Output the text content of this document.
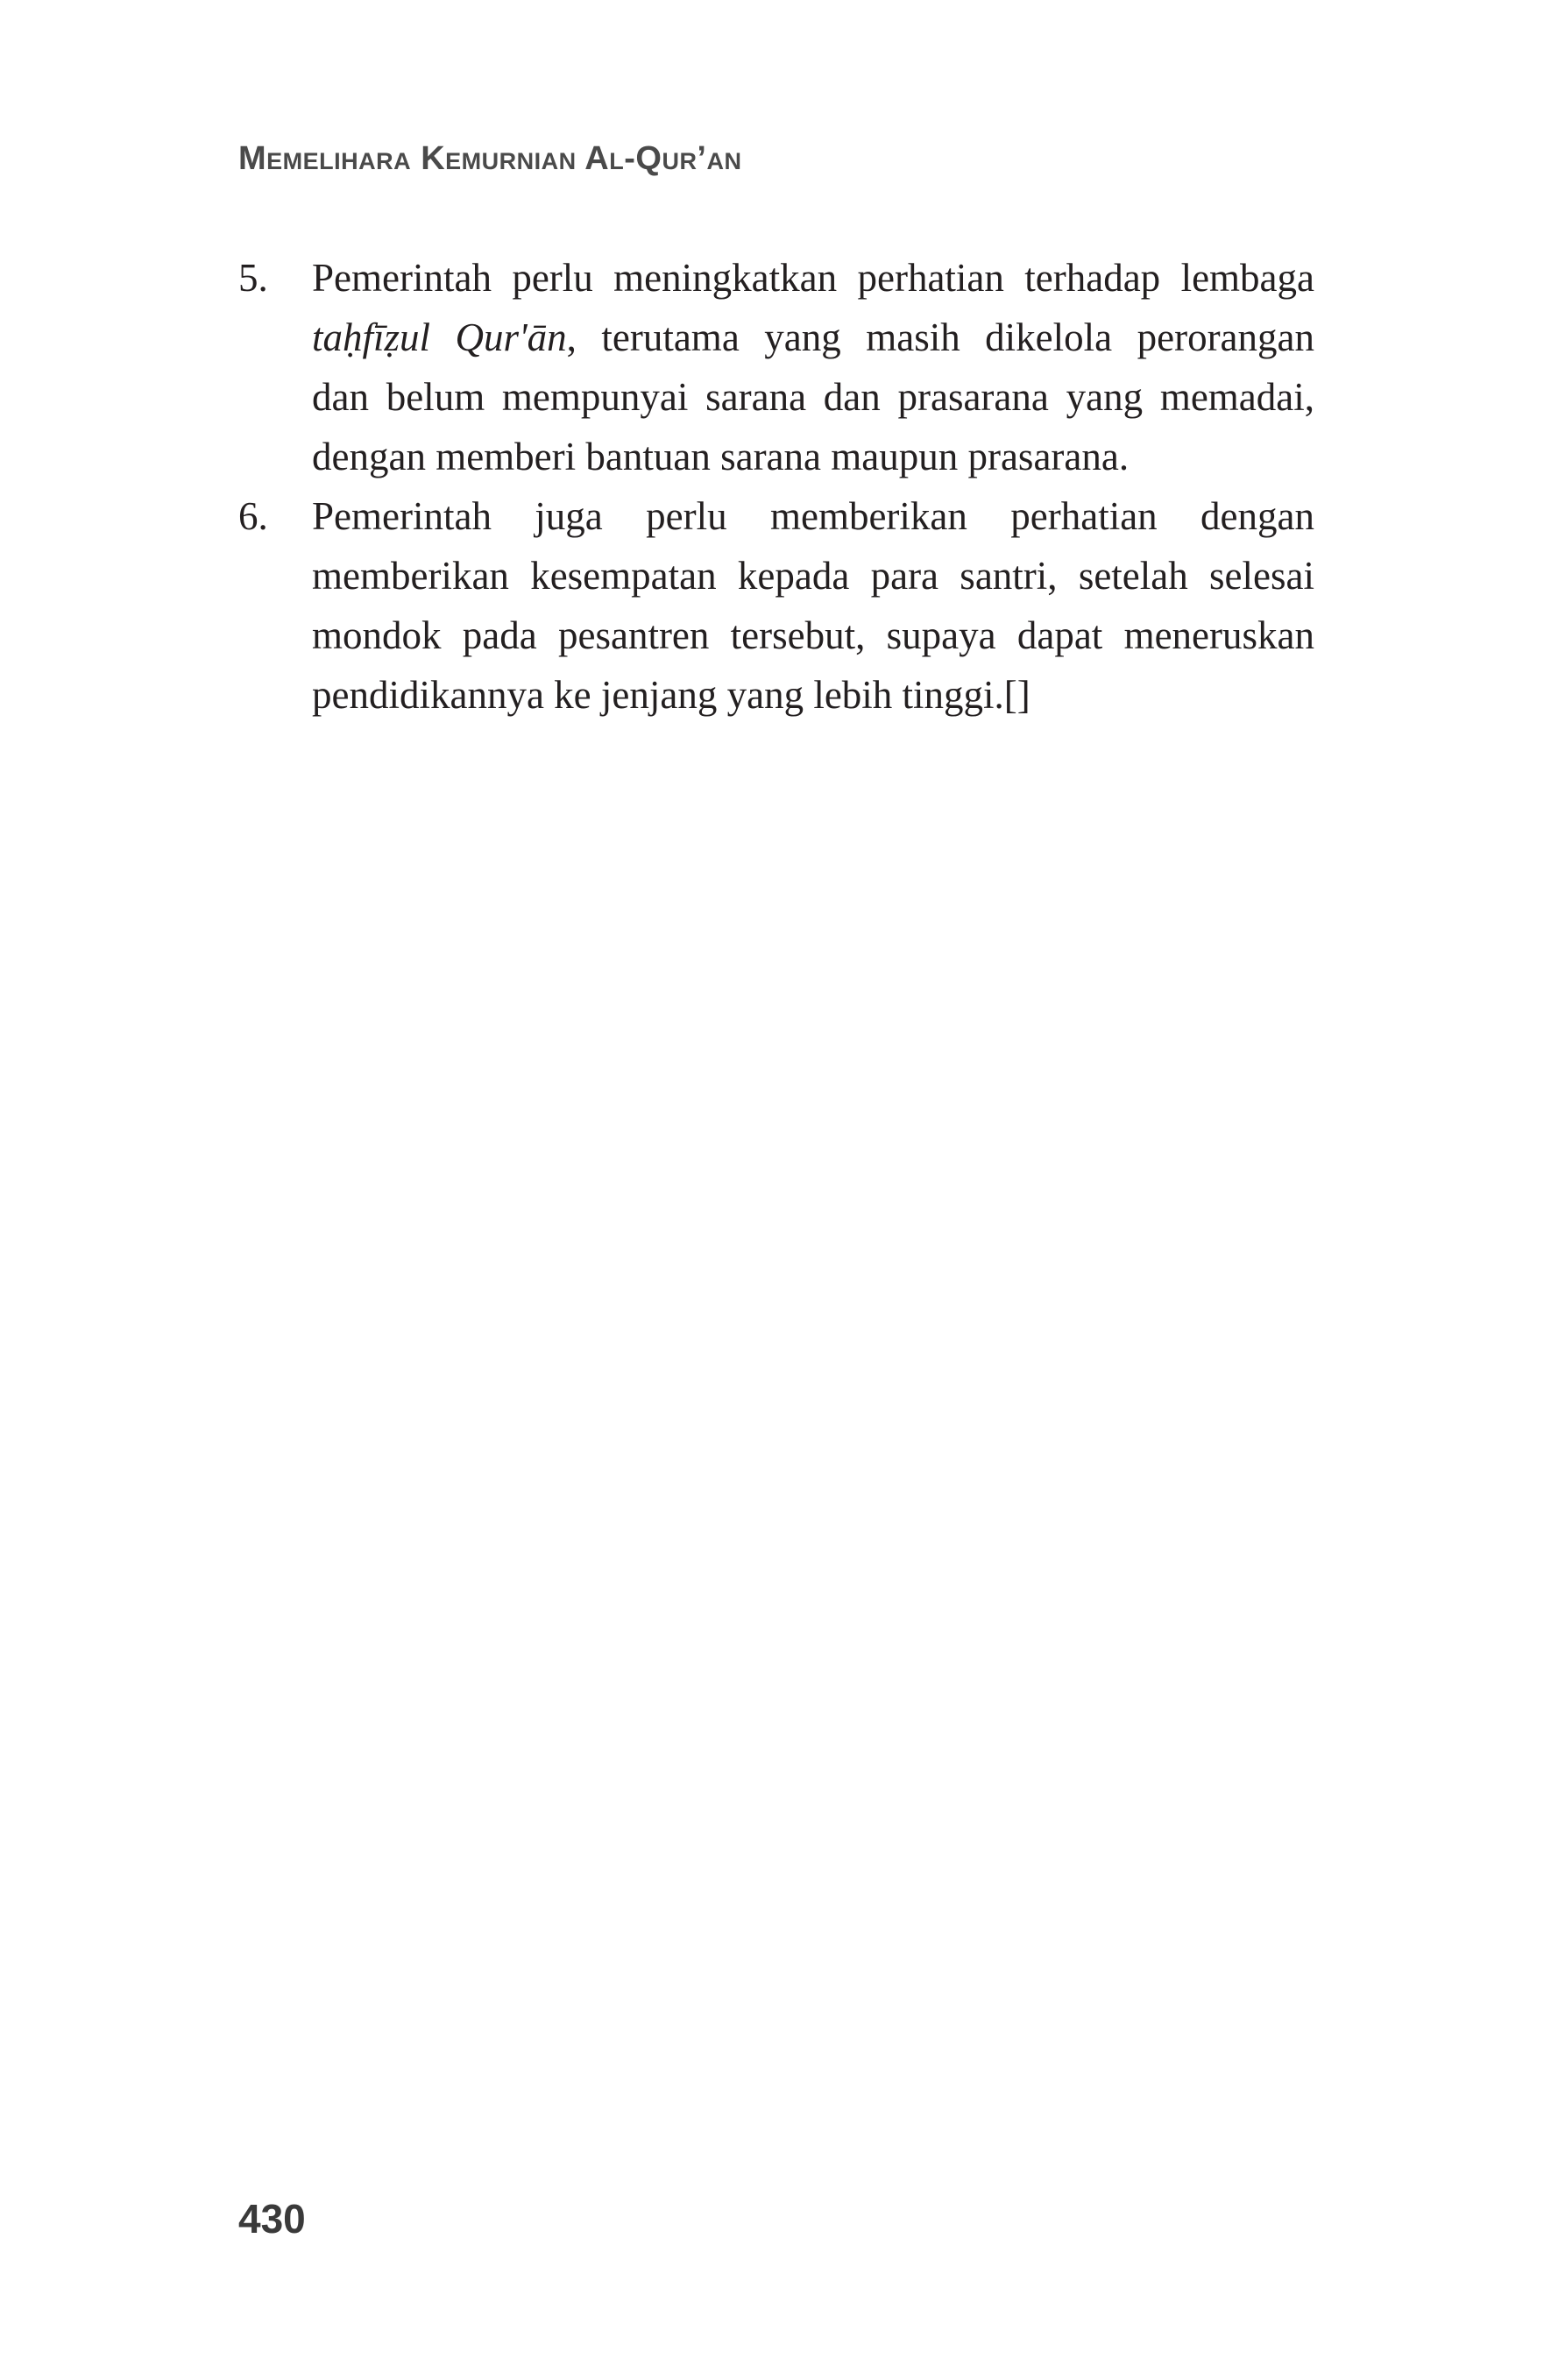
Memelihara Kemurnian Al-Qur’an
5. Pemerintah perlu meningkatkan perhatian terhadap lembaga
taḥfīẓul Qur'ān, terutama yang masih dikelola perorangan
dan belum mempunyai sarana dan prasarana yang memadai,
dengan memberi bantuan sarana maupun prasarana.
6. Pemerintah juga perlu memberikan perhatian dengan
memberikan kesempatan kepada para santri, setelah selesai
mondok pada pesantren tersebut, supaya dapat meneruskan
pendidikannya ke jenjang yang lebih tinggi.[]
430
